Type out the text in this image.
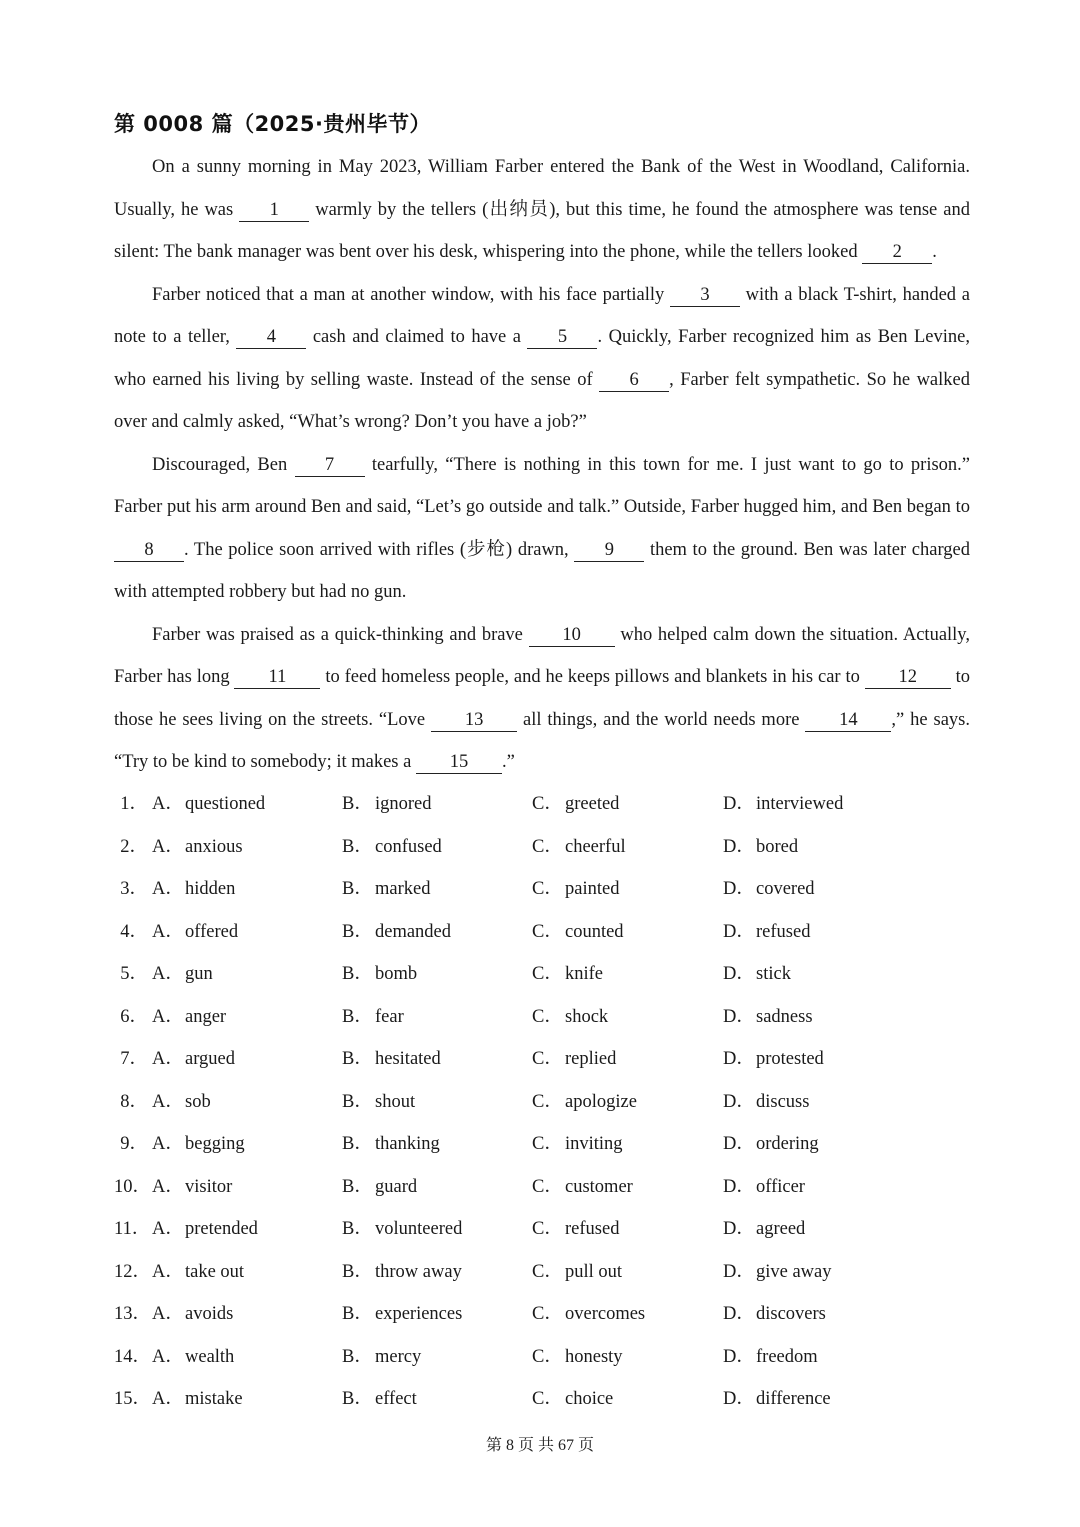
第 0008 篇（2025·贵州毕节）

On a sunny morning in May 2023, William Farber entered the Bank of the West in Woodland, California. Usually, he was 1 warmly by the tellers (出纳员), but this time, he found the atmosphere was tense and silent: The bank manager was bent over his desk, whispering into the phone, while the tellers looked 2 .

Farber noticed that a man at another window, with his face partially 3 with a black T-shirt, handed a note to a teller, 4 cash and claimed to have a 5 . Quickly, Farber recognized him as Ben Levine, who earned his living by selling waste. Instead of the sense of 6 , Farber felt sympathetic. So he walked over and calmly asked, “What’s wrong? Don’t you have a job?”

Discouraged, Ben 7 tearfully, “There is nothing in this town for me. I just want to go to prison.” Farber put his arm around Ben and said, “Let’s go outside and talk.” Outside, Farber hugged him, and Ben began to 8 . The police soon arrived with rifles (步枪) drawn, 9 them to the ground. Ben was later charged with attempted robbery but had no gun.

Farber was praised as a quick-thinking and brave 10 who helped calm down the situation. Actually, Farber has long 11 to feed homeless people, and he keeps pillows and blankets in his car to 12 to those he sees living on the streets. “Love 13 all things, and the world needs more 14 ,” he says. “Try to be kind to somebody; it makes a 15 .”

1． A．questioned	B． ignored	C． greeted	D．interviewed
2． A．anxious	B． confused	C． cheerful	D．bored
3． A．hidden	B． marked	C． painted	D．covered
4． A．offered	B． demanded	C． counted	D．refused
5． A．gun	B． bomb	C． knife	D．stick
6． A．anger	B． fear	C． shock	D．sadness
7． A．argued	B． hesitated	C． replied	D．protested
8． A．sob	B． shout	C． apologize	D．discuss
9． A．begging	B． thanking	C． inviting	D．ordering
10． A．visitor	B． guard	C． customer	D．officer
11． A．pretended	B． volunteered	C． refused	D．agreed
12． A．take out	B． throw away	C． pull out	D．give away
13． A．avoids	B． experiences	C． overcomes	D．discovers
14． A．wealth	B． mercy	C． honesty	D．freedom
15． A．mistake	B． effect	C． choice	D．difference
第 8 页 共 67 页
